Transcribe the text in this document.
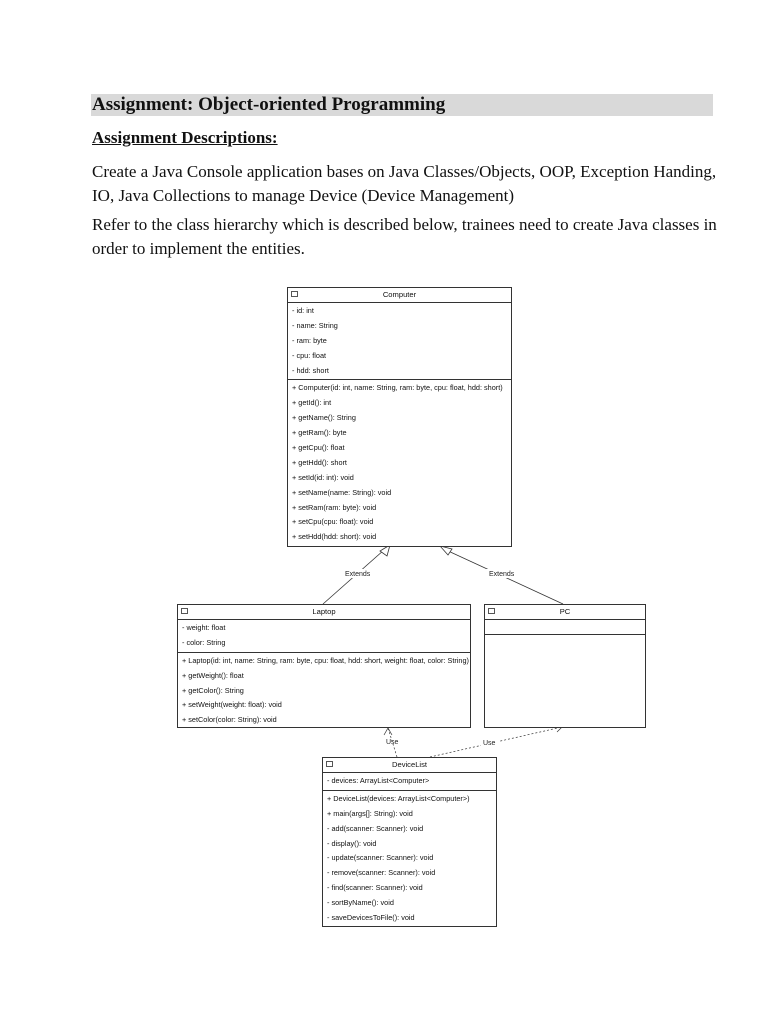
Assignment: Object-oriented Programming
Assignment Descriptions:
Create a Java Console application bases on Java Classes/Objects, OOP, Exception Handing, IO, Java Collections to manage Device (Device Management)
Refer to the class hierarchy which is described below, trainees need to create Java classes in order to implement the entities.
Extends	Extends
Use	Use
Computer
- id: int
- name: String
- ram: byte
- cpu: float
- hdd: short
+ Computer(id: int, name: String, ram: byte, cpu: float, hdd: short)
+ getId(): int
+ getName(): String
+ getRam(): byte
+ getCpu(): float
+ getHdd(): short
+ setId(id: int): void
+ setName(name: String): void
+ setRam(ram: byte): void
+ setCpu(cpu: float): void
+ setHdd(hdd: short): void
Laptop
- weight: float
- color: String
+ Laptop(id: int, name: String, ram: byte, cpu: float, hdd: short, weight: float, color: String)
+ getWeight(): float
+ getColor(): String
+ setWeight(weight: float): void
+ setColor(color: String): void
PC
DeviceList
- devices: ArrayList<Computer>
+ DeviceList(devices: ArrayList<Computer>)
+ main(args[]: String): void
- add(scanner: Scanner): void
- display(): void
- update(scanner: Scanner): void
- remove(scanner: Scanner): void
- find(scanner: Scanner): void
- sortByName(): void
- saveDevicesToFile(): void
